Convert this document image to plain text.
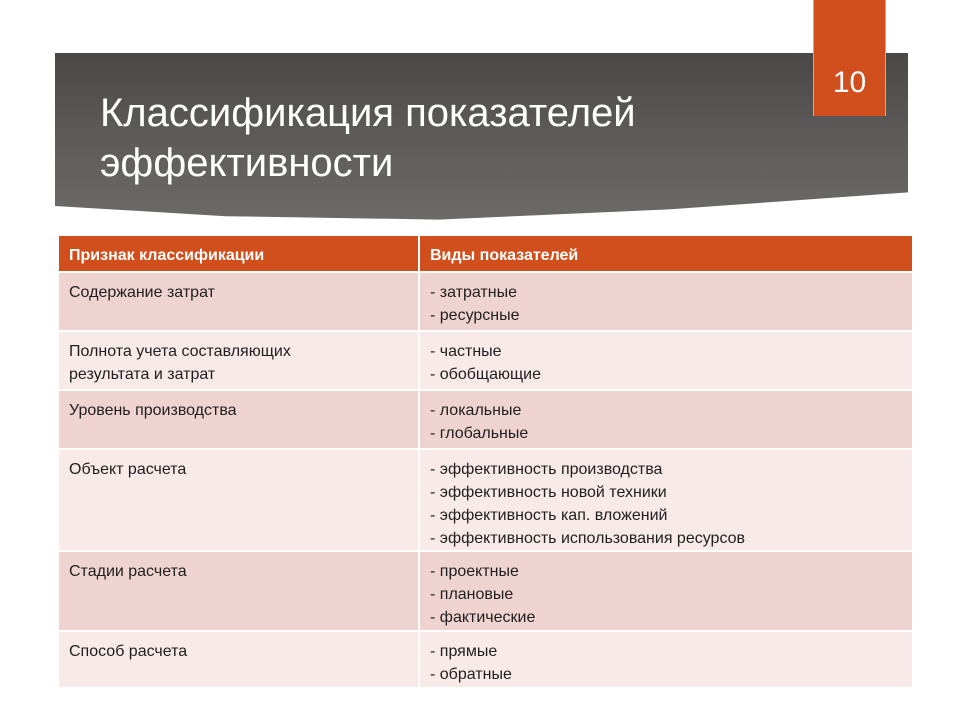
Классификация показателей
эффективности
10
Признак классификации	Виды показателей

Содержание затрат	- затратные
- ресурсные

Полнота учета составляющих
результата и затрат	- частные
- обобщающие

Уровень производства	- локальные
- глобальные

Объект расчета	- эффективность производства
- эффективность новой техники
- эффективность кап. вложений
- эффективность использования ресурсов

Стадии расчета	- проектные
- плановые
- фактические

Способ расчета	- прямые
- обратные
